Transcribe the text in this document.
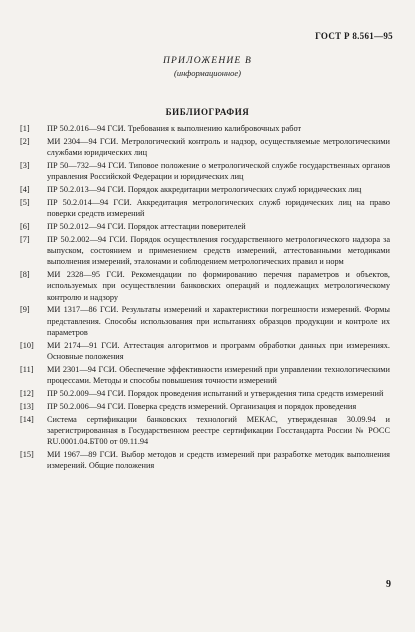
ГОСТ Р 8.561—95
ПРИЛОЖЕНИЕ В
(информационное)
БИБЛИОГРАФИЯ
[1] ПР 50.2.016—94 ГСИ. Требования к выполнению калибровочных работ
[2] МИ 2304—94 ГСИ. Метрологический контроль и надзор, осуществляемые метрологическими службами юридических лиц
[3] ПР 50—732—94 ГСИ. Типовое положение о метрологической службе государственных органов управления Российской Федерации и юридических лиц
[4] ПР 50.2.013—94 ГСИ. Порядок аккредитации метрологических служб юридических лиц
[5] ПР 50.2.014—94 ГСИ. Аккредитация метрологических служб юридических лиц на право поверки средств измерений
[6] ПР 50.2.012—94 ГСИ. Порядок аттестации поверителей
[7] ПР 50.2.002—94 ГСИ. Порядок осуществления государственного метрологического надзора за выпуском, состоянием и применением средств измерений, аттестованными методиками выполнения измерений, эталонами и соблюдением метрологических правил и норм
[8] МИ 2328—95 ГСИ. Рекомендации по формированию перечня параметров и объектов, используемых при осуществлении банковских операций и подлежащих метрологическому контролю и надзору
[9] МИ 1317—86 ГСИ. Результаты измерений и характеристики погрешности измерений. Формы представления. Способы использования при испытаниях образцов продукции и контроле их параметров
[10] МИ 2174—91 ГСИ. Аттестация алгоритмов и программ обработки данных при измерениях. Основные положения
[11] МИ 2301—94 ГСИ. Обеспечение эффективности измерений при управлении технологическими процессами. Методы и способы повышения точности измерений
[12] ПР 50.2.009—94 ГСИ. Порядок проведения испытаний и утверждения типа средств измерений
[13] ПР 50.2.006—94 ГСИ. Поверка средств измерений. Организация и порядок проведения
[14] Система сертификации банковских технологий МЕКАС, утвержденная 30.09.94 и зарегистрированная в Государственном реестре сертификации Госстандарта России № РОСС RU.0001.04.БТ00 от 09.11.94
[15] МИ 1967—89 ГСИ. Выбор методов и средств измерений при разработке методик выполнения измерений. Общие положения
9
